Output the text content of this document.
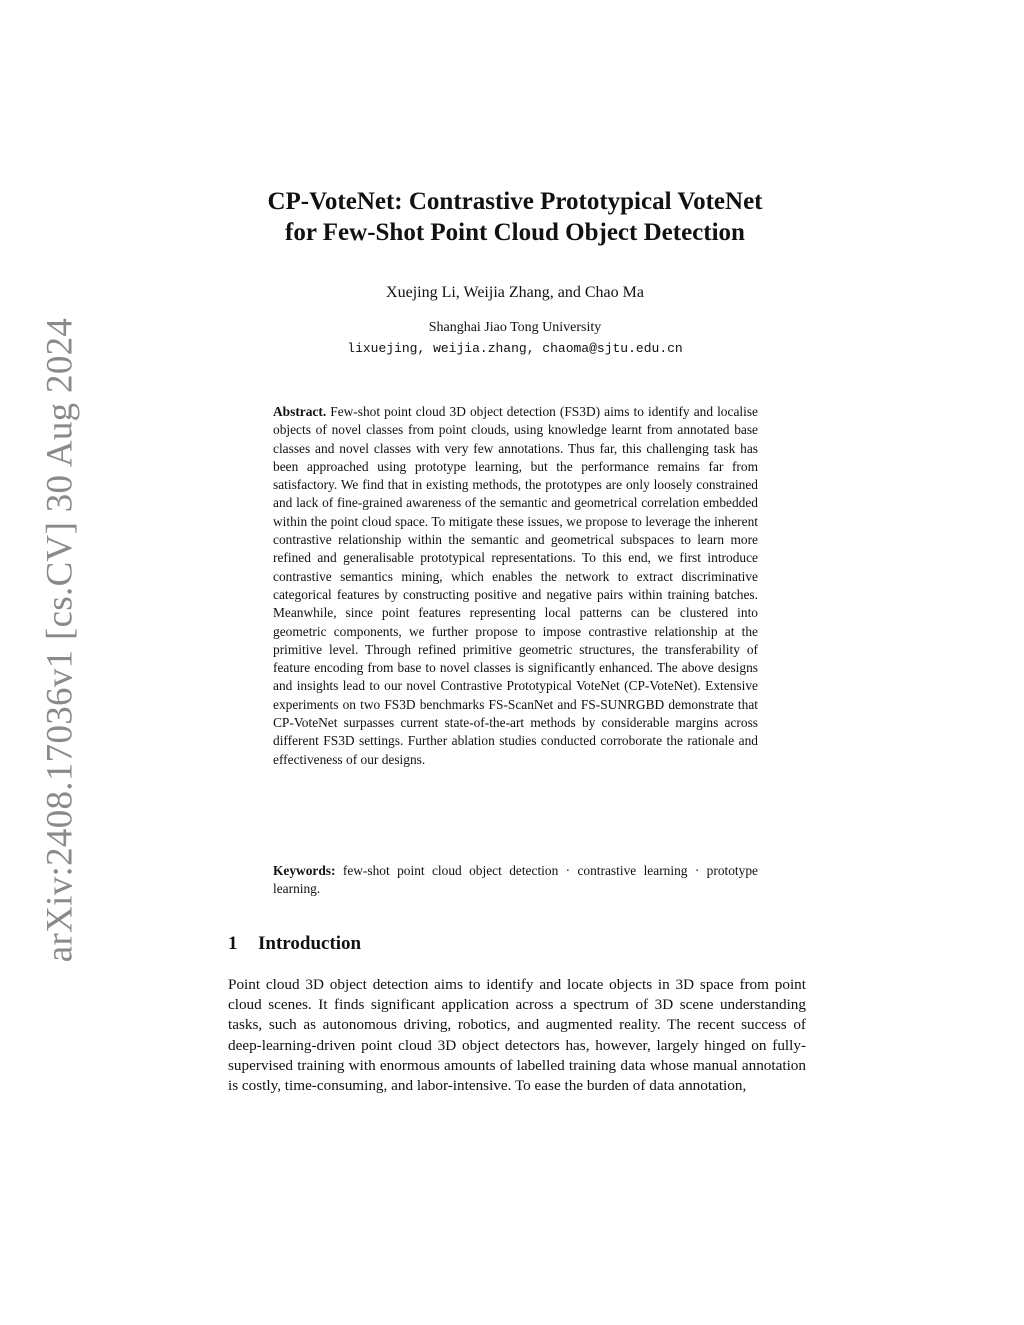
arXiv:2408.17036v1 [cs.CV] 30 Aug 2024
CP-VoteNet: Contrastive Prototypical VoteNet
for Few-Shot Point Cloud Object Detection
Xuejing Li, Weijia Zhang, and Chao Ma
Shanghai Jiao Tong University
lixuejing, weijia.zhang, chaoma@sjtu.edu.cn
Abstract. Few-shot point cloud 3D object detection (FS3D) aims to identify and localise objects of novel classes from point clouds, using knowledge learnt from annotated base classes and novel classes with very few annotations. Thus far, this challenging task has been approached using prototype learning, but the performance remains far from satisfactory. We find that in existing methods, the prototypes are only loosely constrained and lack of fine-grained awareness of the semantic and geometrical correlation embedded within the point cloud space. To mitigate these issues, we propose to leverage the inherent contrastive relationship within the semantic and geometrical subspaces to learn more refined and generalisable prototypical representations. To this end, we first introduce contrastive semantics mining, which enables the network to extract discriminative categorical features by constructing positive and negative pairs within training batches. Meanwhile, since point features representing local patterns can be clustered into geometric components, we further propose to impose contrastive relationship at the primitive level. Through refined primitive geometric structures, the transferability of feature encoding from base to novel classes is significantly enhanced. The above designs and insights lead to our novel Contrastive Prototypical VoteNet (CP-VoteNet). Extensive experiments on two FS3D benchmarks FS-ScanNet and FS-SUNRGBD demonstrate that CP-VoteNet surpasses current state-of-the-art methods by considerable margins across different FS3D settings. Further ablation studies conducted corroborate the rationale and effectiveness of our designs.
Keywords: few-shot point cloud object detection · contrastive learning · prototype learning.
1 Introduction
Point cloud 3D object detection aims to identify and locate objects in 3D space from point cloud scenes. It finds significant application across a spectrum of 3D scene understanding tasks, such as autonomous driving, robotics, and augmented reality. The recent success of deep-learning-driven point cloud 3D object detectors has, however, largely hinged on fully-supervised training with enormous amounts of labelled training data whose manual annotation is costly, time-consuming, and labor-intensive. To ease the burden of data annotation,
